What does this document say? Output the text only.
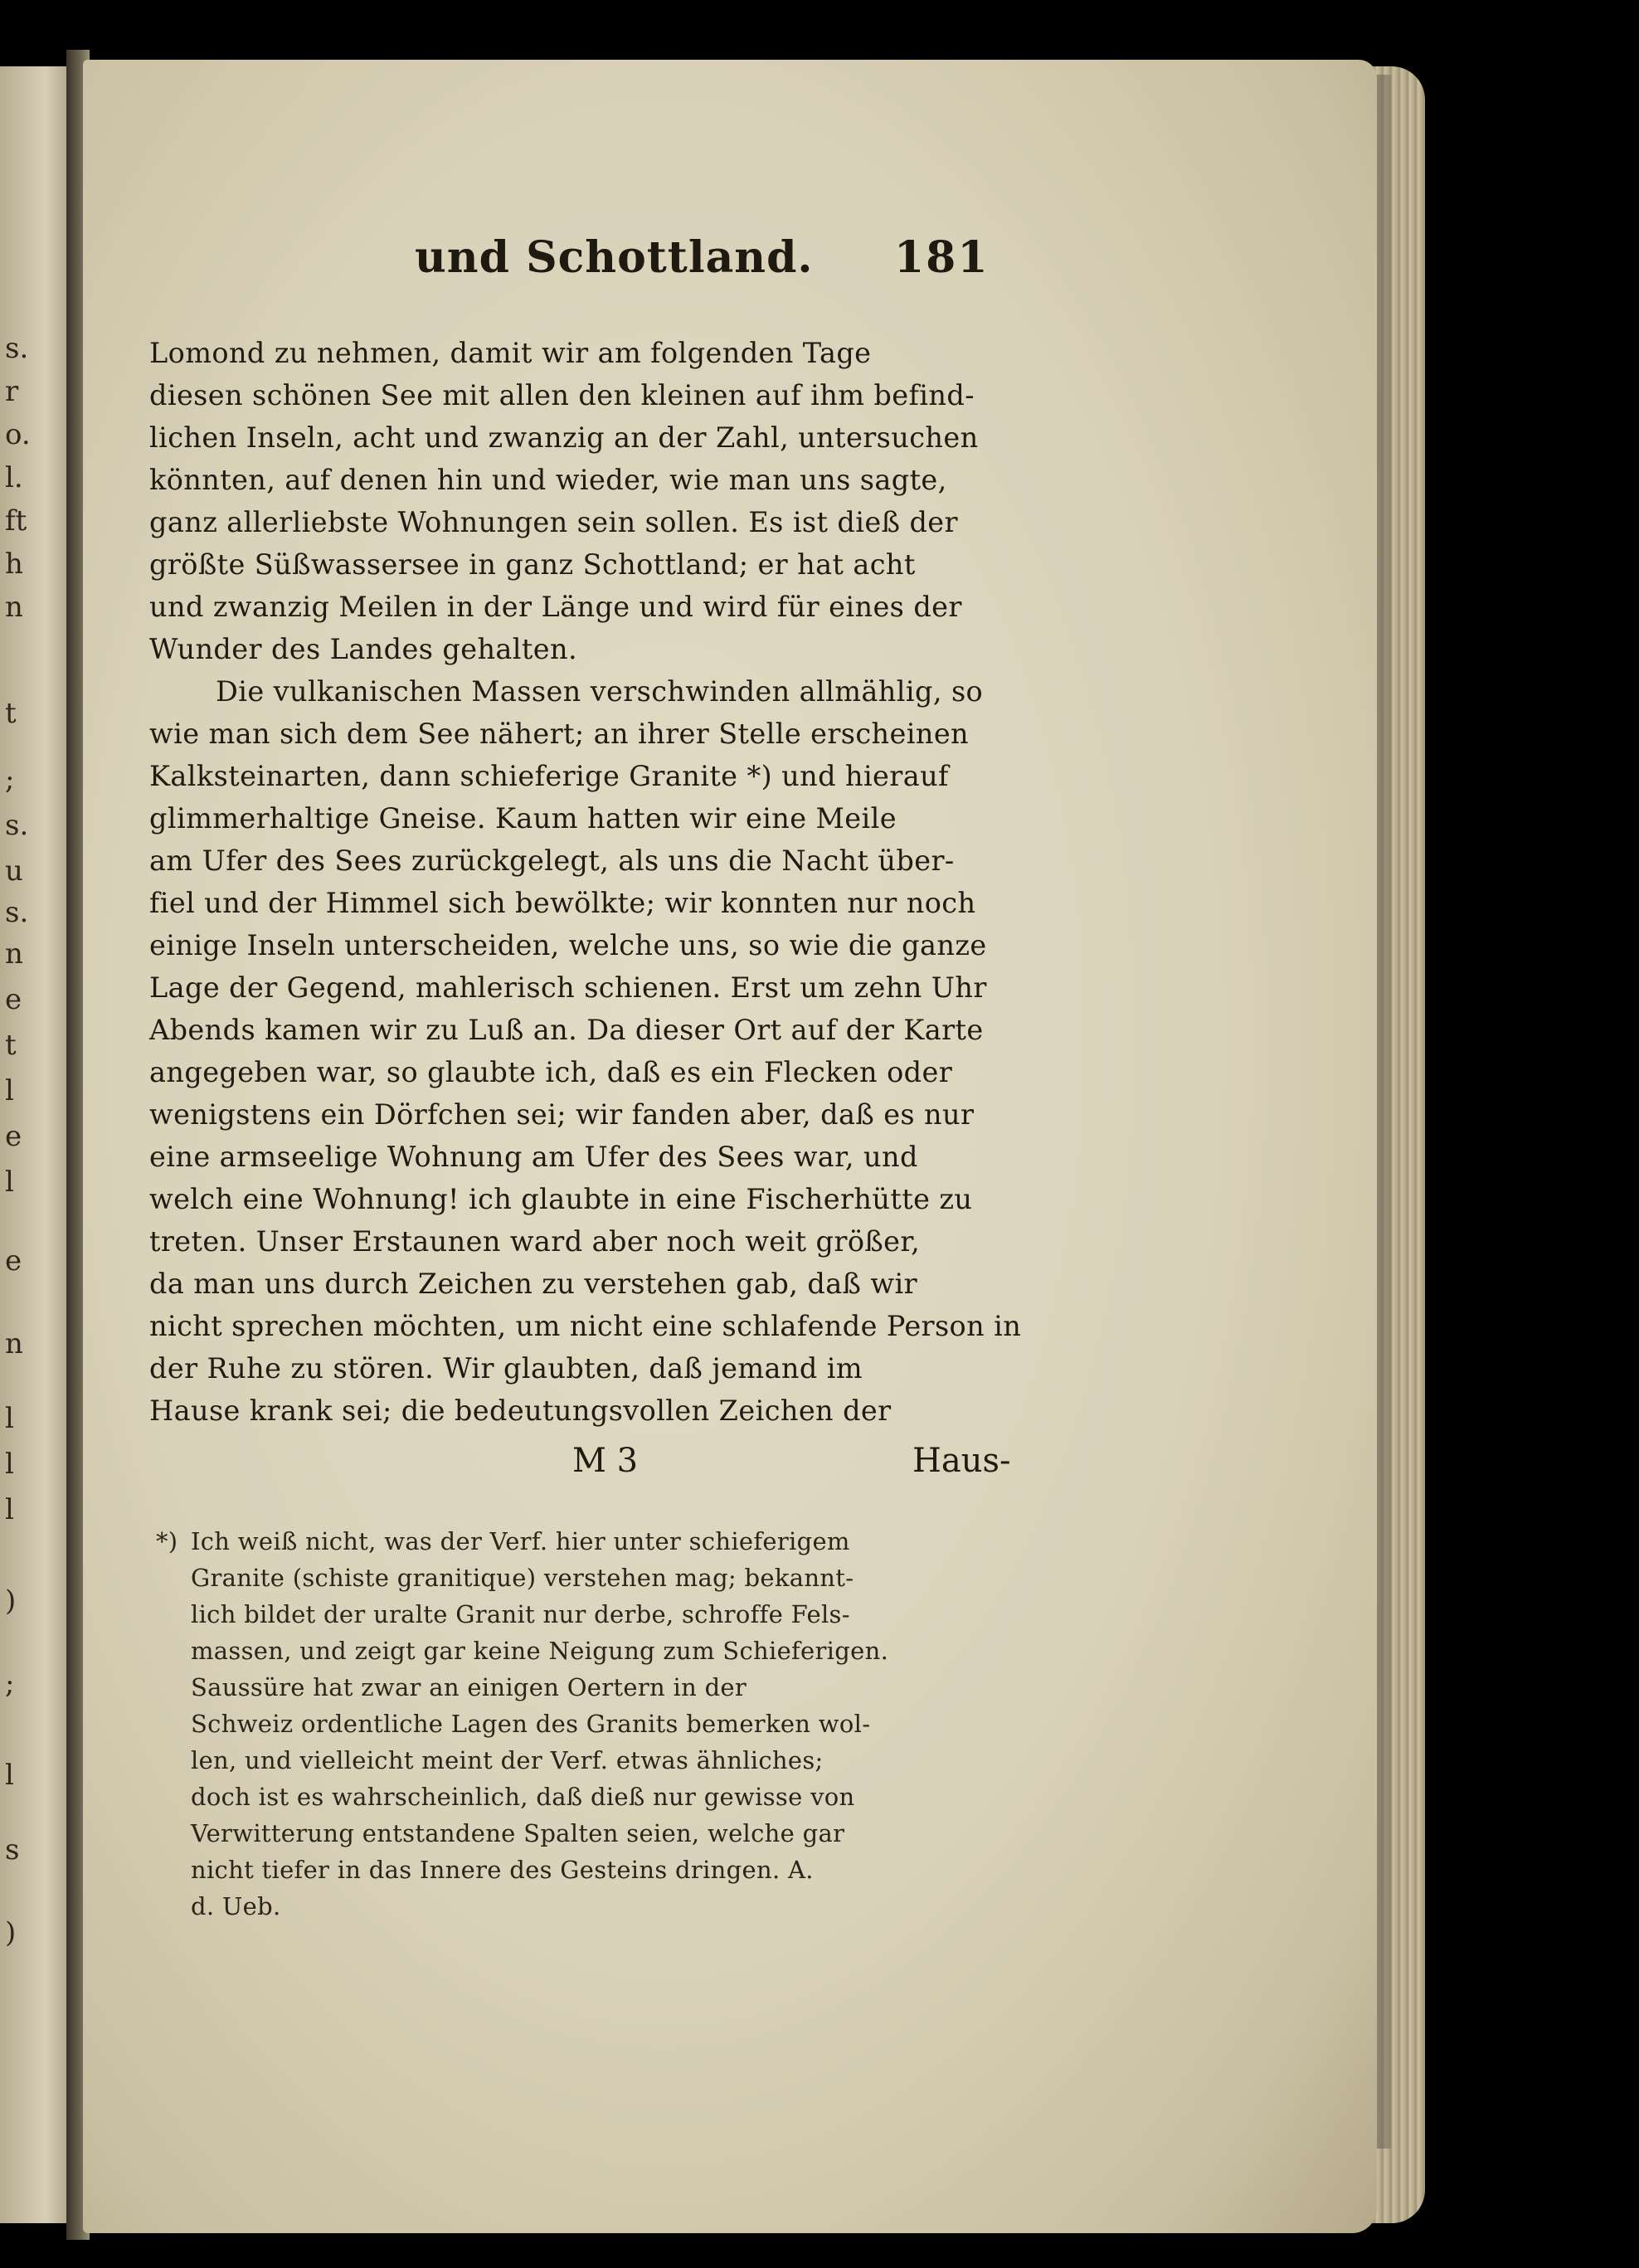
s.
r
o.
l.
ft
h
n
t
;
s.
u
s.
n
e
t
l
e
l
e
n
l
l
l
)
;
l
s
)
und Schottland. 181
Lomond zu nehmen, damit wir am folgenden Tage
diesen schönen See mit allen den kleinen auf ihm befind-
lichen Inseln, acht und zwanzig an der Zahl, untersuchen
könnten, auf denen hin und wieder, wie man uns sagte,
ganz allerliebste Wohnungen sein sollen. Es ist dieß der
größte Süßwassersee in ganz Schottland; er hat acht
und zwanzig Meilen in der Länge und wird für eines der
Wunder des Landes gehalten.
Die vulkanischen Massen verschwinden allmählig, so
wie man sich dem See nähert; an ihrer Stelle erscheinen
Kalksteinarten, dann schieferige Granite *) und hierauf
glimmerhaltige Gneise. Kaum hatten wir eine Meile
am Ufer des Sees zurückgelegt, als uns die Nacht über-
fiel und der Himmel sich bewölkte; wir konnten nur noch
einige Inseln unterscheiden, welche uns, so wie die ganze
Lage der Gegend, mahlerisch schienen. Erst um zehn Uhr
Abends kamen wir zu Luß an. Da dieser Ort auf der Karte
angegeben war, so glaubte ich, daß es ein Flecken oder
wenigstens ein Dörfchen sei; wir fanden aber, daß es nur
eine armseelige Wohnung am Ufer des Sees war, und
welch eine Wohnung! ich glaubte in eine Fischerhütte zu
treten. Unser Erstaunen ward aber noch weit größer,
da man uns durch Zeichen zu verstehen gab, daß wir
nicht sprechen möchten, um nicht eine schlafende Person in
der Ruhe zu stören. Wir glaubten, daß jemand im
Hause krank sei; die bedeutungsvollen Zeichen der
M 3	Haus-
*) Ich weiß nicht, was der Verf. hier unter schieferigem
Granite (schiste granitique) verstehen mag; bekannt-
lich bildet der uralte Granit nur derbe, schroffe Fels-
massen, und zeigt gar keine Neigung zum Schieferigen.
Saussüre hat zwar an einigen Oertern in der
Schweiz ordentliche Lagen des Granits bemerken wol-
len, und vielleicht meint der Verf. etwas ähnliches;
doch ist es wahrscheinlich, daß dieß nur gewisse von
Verwitterung entstandene Spalten seien, welche gar
nicht tiefer in das Innere des Gesteins dringen. A.
d. Ueb.
